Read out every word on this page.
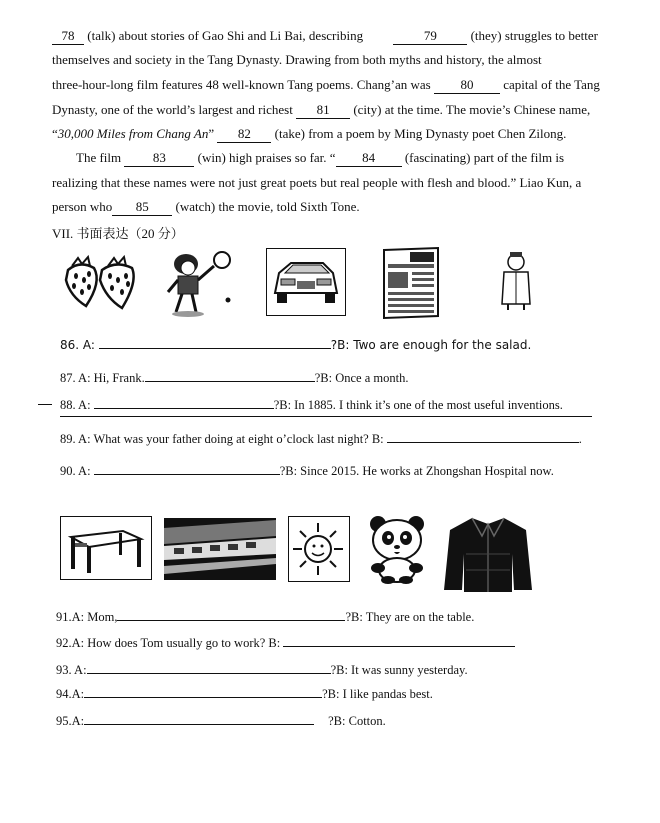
78 (talk) about stories of Gao Shi and Li Bai, describing	79	(they) struggles to better
themselves and society in the Tang Dynasty. Drawing from both myths and history, the almost
three-hour-long film features 48 well-known Tang poems. Chang’an was 80 capital of the Tang
Dynasty, one of the world’s largest and richest 81 (city) at the time. The movie’s Chinese name,
“30,000 Miles from Chang An” 82 (take) from a poem by Ming Dynasty poet Chen Zilong.
The film 83 (win) high praises so far. “ 84 (fascinating) part of the film is
realizing that these names were not just great poets but real people with flesh and blood.” Liao Kun, a
person who 85 (watch) the movie, told Sixth Tone.
VII. 书面表达（20 分）
86. A:	?B: Two are enough for the salad.
87. A: Hi, Frank.	?B: Once a month.
88. A:	?B: In 1885. I think it’s one of the most useful inventions.
89. A: What was your father doing at eight o’clock last night? B:	.
90. A:	?B: Since 2015. He works at Zhongshan Hospital now.
91.A: Mom,	?B: They are on the table.
92.A: How does Tom usually go to work? B:
93. A:	?B: It was sunny yesterday.
94.A:	?B: I like pandas best.
95.A:	?B: Cotton.
